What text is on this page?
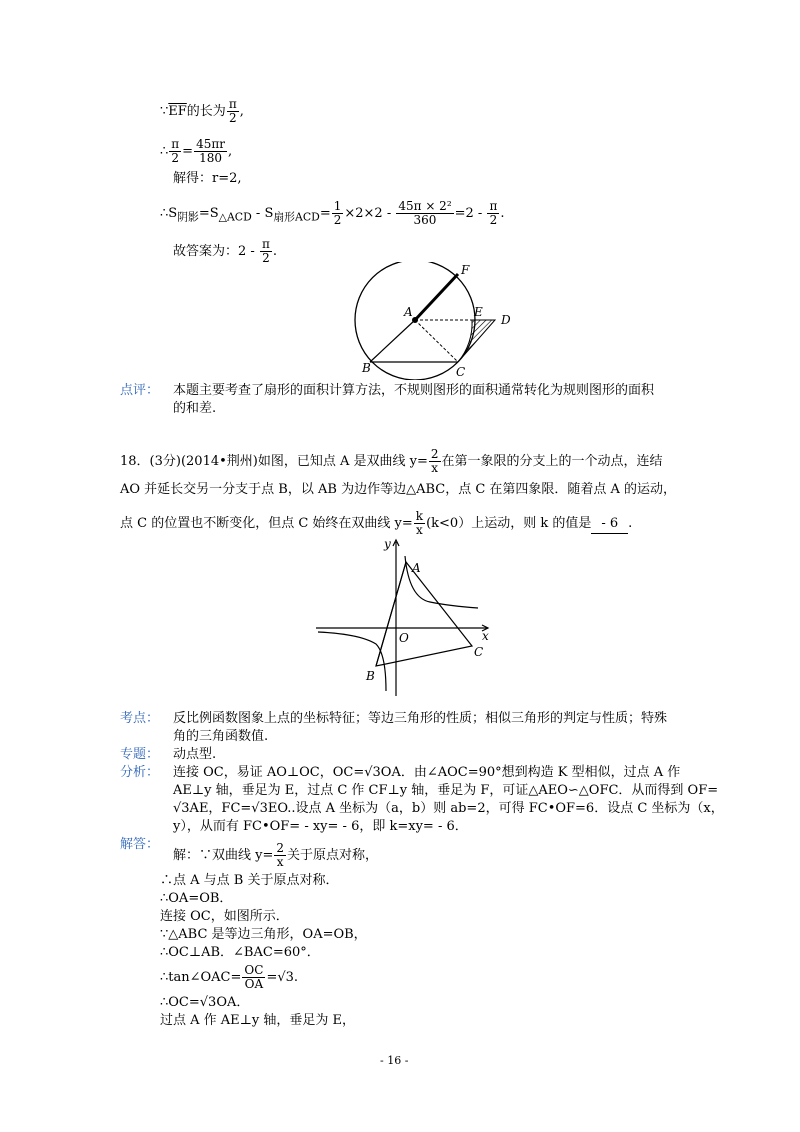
$\because\overline{EF}$的长为 $\frac{\pi}{2}$ ,
∴ $\frac{\pi}{2} = \frac{45\pi r}{180}$ ,
解得：r=2,
$\therefore S_{阴影}=S_{\triangle ACD} - S_{扇形ACD}= \frac{1}{2} \times 2\times 2 - \frac{\text{45π × 2²}}{360} =2 - \frac{\pi}{2}$ .
故答案为：$2 - \frac{\pi}{2}$ .
A
B	C
D
E
F
点评： 本题主要考查了扇形的面积计算方法，不规则图形的面积通常转化为规则图形的面积
的和差.
18．(3分)(2014•荆州)如图，已知点 A 是双曲线 $y= \frac{2}{x}$ 在第一象限的分支上的一个动点，连结
AO 并延长交另一分支于点 B，以 AB 为边作等边△ABC，点 C 在第四象限．随着点 A 的运动，
点 C 的位置也不断变化，但点 C 始终在双曲线 $y= \frac{k}{x} (k<0)$上运动，则 k 的值是 - 6 .
y
x
O
A
B
C
考点： 反比例函数图象上点的坐标特征；等边三角形的性质；相似三角形的判定与性质；特殊
角的三角函数值.
专题： 动点型.
分析： 连接 OC，易证 AO⊥OC，OC=√3OA．由∠AOC=90°想到构造 K 型相似，过点 A 作
AE⊥y 轴，垂足为 E，过点 C 作 CF⊥y 轴，垂足为 F，可证△AEO∽△OFC．从而得到 OF=
√3AE，FC=√3EO..设点 A 坐标为（a，b）则 ab=2，可得 FC•OF=6．设点 C 坐标为（x，
y），从而有 FC•OF= - xy= - 6，即 k=xy= - 6．
解答：
解：∵双曲线 $y= \frac{2}{x}$ 关于原点对称，
∴点 A 与点 B 关于原点对称．
∴OA=OB．
连接 OC，如图所示．
∵△ABC 是等边三角形，OA=OB，
∴OC⊥AB．∠BAC=60°．
∴tan∠OAC= $\frac{OC}{OA} =√3$.
∴OC=√3OA．
过点 A 作 AE⊥y 轴，垂足为 E，
- 16 -
